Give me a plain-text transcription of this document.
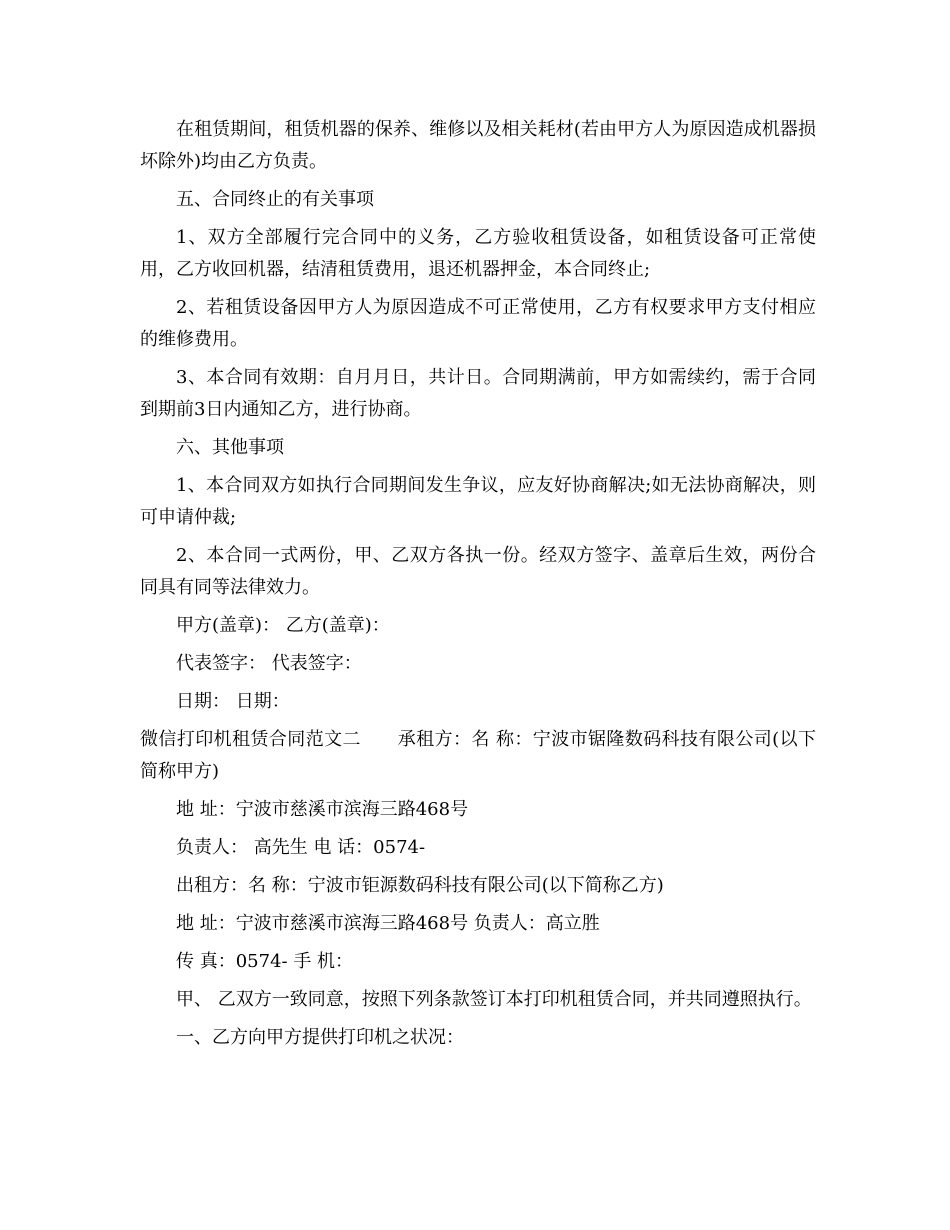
在租赁期间，租赁机器的保养、维修以及相关耗材(若由甲方人为原因造成机器损坏除外)均由乙方负责。

五、合同终止的有关事项

1、双方全部履行完合同中的义务，乙方验收租赁设备，如租赁设备可正常使用，乙方收回机器，结清租赁费用，退还机器押金，本合同终止;

2、若租赁设备因甲方人为原因造成不可正常使用，乙方有权要求甲方支付相应的维修费用。

3、本合同有效期：自月月日，共计日。合同期满前，甲方如需续约，需于合同到期前3日内通知乙方，进行协商。

六、其他事项

1、本合同双方如执行合同期间发生争议，应友好协商解决;如无法协商解决，则可申请仲裁;

2、本合同一式两份，甲、乙双方各执一份。经双方签字、盖章后生效，两份合同具有同等法律效力。

甲方(盖章)： 乙方(盖章)：

代表签字： 代表签字：

日期： 日期：

微信打印机租赁合同范文二　　承租方：名 称：宁波市锯隆数码科技有限公司(以下简称甲方)

地 址：宁波市慈溪市滨海三路468号

负责人： 高先生 电 话：0574-

出租方：名 称：宁波市钜源数码科技有限公司(以下简称乙方)

地 址：宁波市慈溪市滨海三路468号 负责人：高立胜

传 真：0574- 手 机：

甲、 乙双方一致同意，按照下列条款签订本打印机租赁合同，并共同遵照执行。

一、乙方向甲方提供打印机之状况：
